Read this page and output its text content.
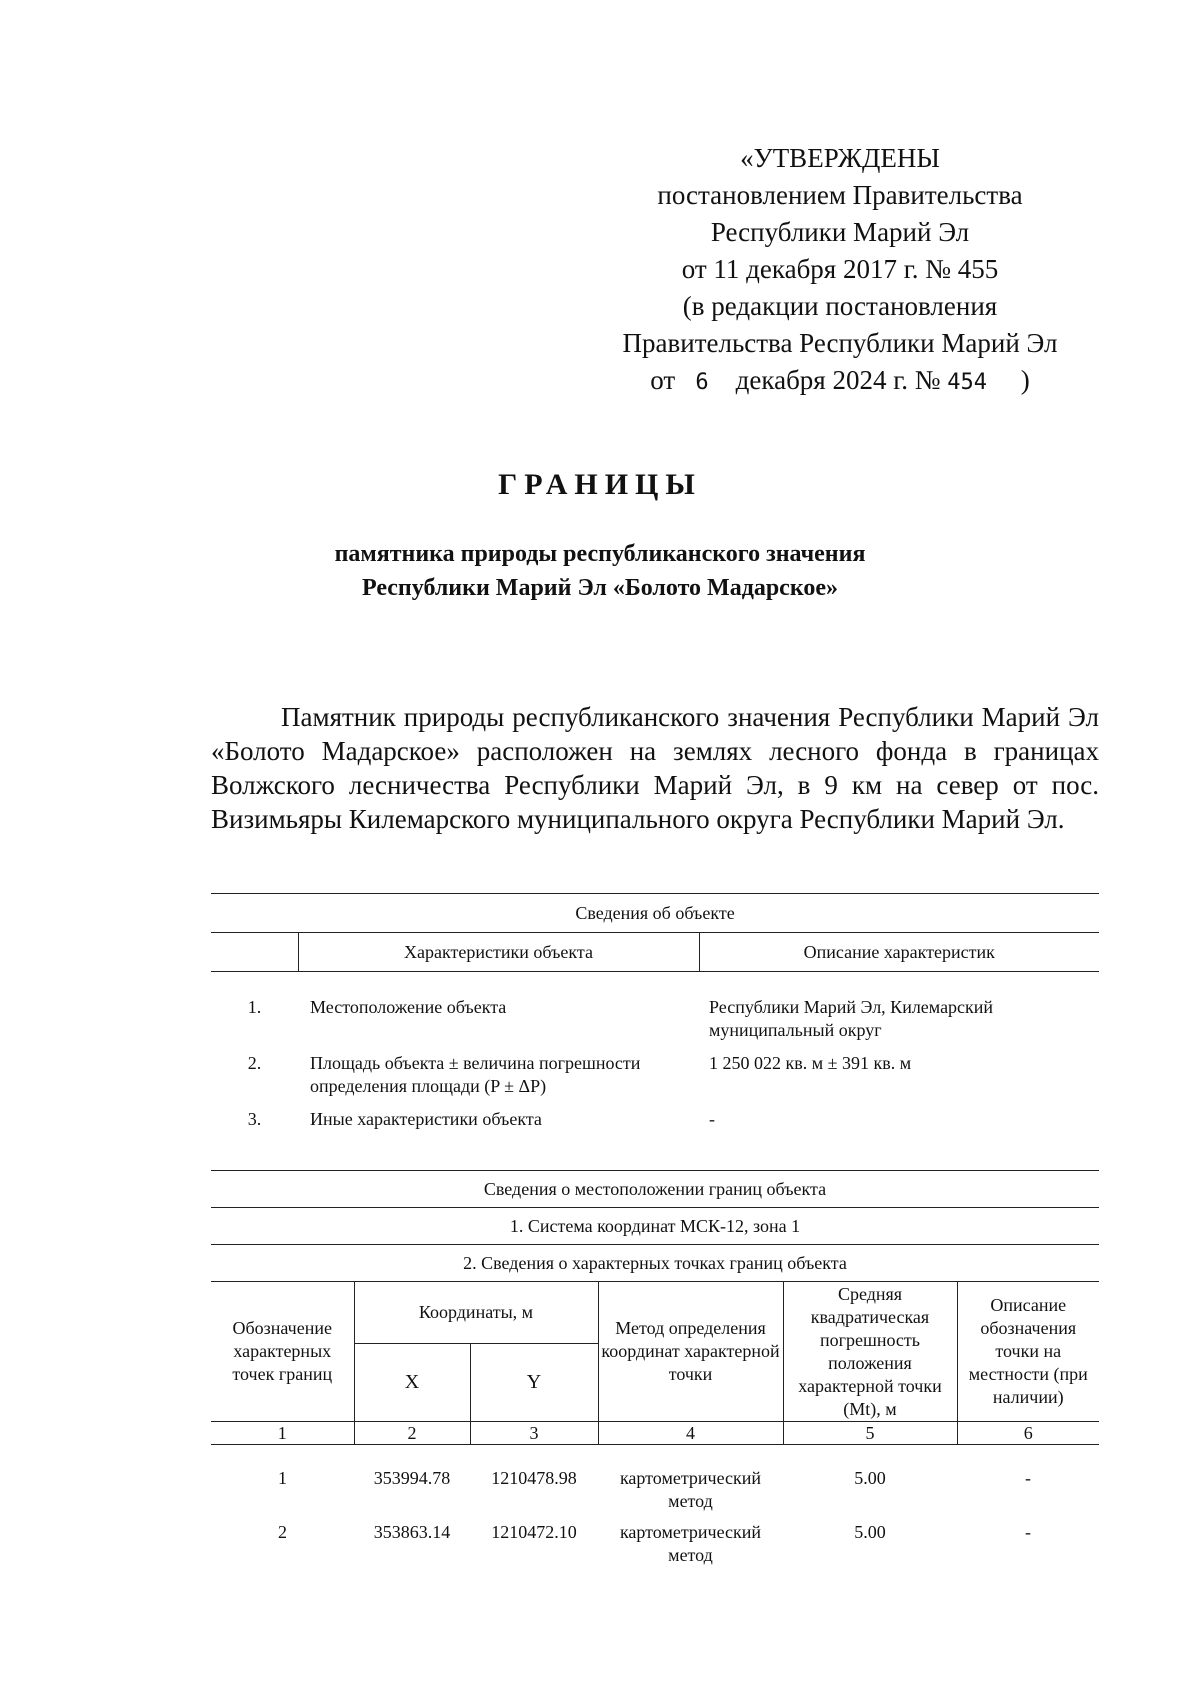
«УТВЕРЖДЕНЫ
постановлением Правительства
Республики Марий Эл
от 11 декабря 2017 г. № 455
(в редакции постановления
Правительства Республики Марий Эл
от 6 декабря 2024 г. № 454 )
ГРАНИЦЫ
памятника природы республиканского значения
Республики Марий Эл «Болото Мадарское»
Памятник природы республиканского значения Республики Марий Эл «Болото Мадарское» расположен на землях лесного фонда в границах Волжского лесничества Республики Марий Эл, в 9 км на север от пос. Визимьяры Килемарского муниципального округа Республики Марий Эл.
Сведения об объекте		
	Характеристики объекта	Описание характеристик

1.	Местоположение объекта	Республики Марий Эл, Килемарский муниципальный округ
2.	Площадь объекта ± величина погрешности определения площади (P ± ΔP)	1 250 022 кв. м ± 391 кв. м
3.	Иные характеристики объекта	-
Сведения о местоположении границ объекта					
1. Система координат МСК-12, зона 1					
2. Сведения о характерных точках границ объекта					
Обозначение характерных точек границ	Координаты, м		Метод определения координат характерной точки	Средняя квадратическая погрешность положения характерной точки (Mt), м	Описание обозначения точки на местности (при наличии)
	X	Y			
1	2	3	4	5	6

1	353994.78	1210478.98	картометрический метод	5.00	-
2	353863.14	1210472.10	картометрический метод	5.00	-
